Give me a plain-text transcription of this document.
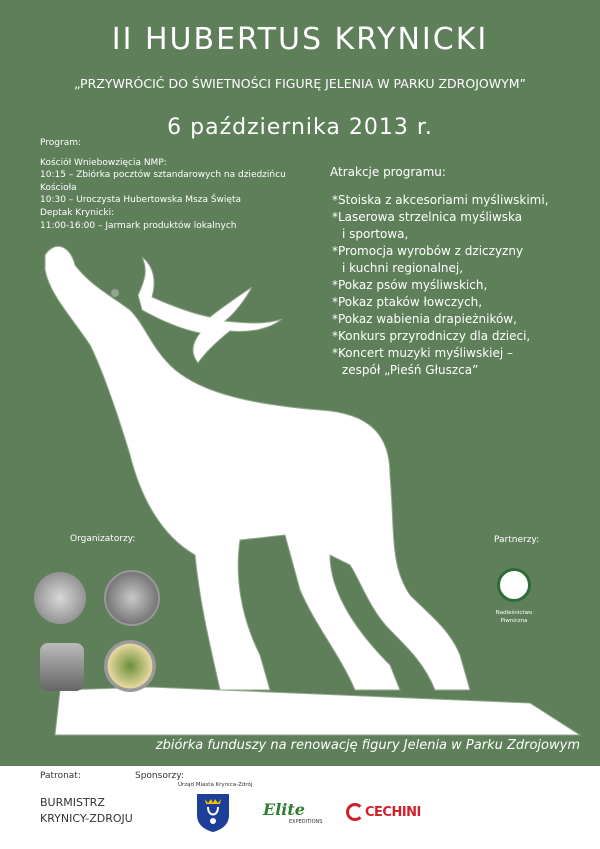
II HUBERTUS KRYNICKI
„PRZYWRÓCIĆ DO ŚWIETNOŚCI FIGURĘ JELENIA W PARKU ZDROJOWYM”
6 października 2013 r.
Program:
Kościół Wniebowzięcia NMP:
10:15 – Zbiórka pocztów sztandarowych na dziedzińcu Kościoła
10:30 – Uroczysta Hubertowska Msza Święta
Deptak Krynicki:
11:00-16:00 – Jarmark produktów lokalnych
Atrakcje programu:
*Stoiska z akcesoriami myśliwskimi,
*Laserowa strzelnica myśliwska
i sportowa,
*Promocja wyrobów z dziczyzny
i kuchni regionalnej,
*Pokaz psów myśliwskich,
*Pokaz ptaków łowczych,
*Pokaz wabienia drapieżników,
*Konkurs przyrodniczy dla dzieci,
*Koncert muzyki myśliwskiej –
zespół „Pieśń Głuszca”
Organizatorzy:	Partnerzy:
Nadleśnictwo
Piwniczna
zbiórka funduszy na renowację figury Jelenia w Parku Zdrojowym
Patronat:
BURMISTRZ
KRYNICY-ZDROJU
Sponsorzy:
Urząd Miasta Krynica-Zdrój
Elite
EXPEDITIONS
CECHINI
